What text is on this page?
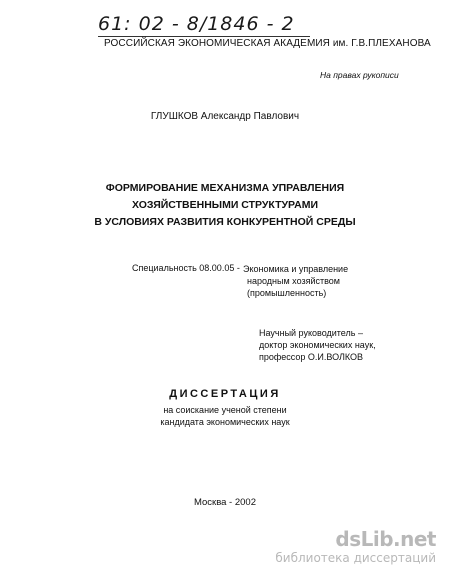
61: 02 - 8/1846 - 2
РОССИЙСКАЯ ЭКОНОМИЧЕСКАЯ АКАДЕМИЯ им. Г.В.ПЛЕХАНОВА
На правах рукописи
ГЛУШКОВ Александр Павлович
ФОРМИРОВАНИЕ МЕХАНИЗМА УПРАВЛЕНИЯ
ХОЗЯЙСТВЕННЫМИ СТРУКТУРАМИ
В УСЛОВИЯХ РАЗВИТИЯ КОНКУРЕНТНОЙ СРЕДЫ
Специальность 08.00.05 - Экономика и управление
народным хозяйством
(промышленность)
Научный руководитель –
доктор экономических наук,
профессор О.И.ВОЛКОВ
ДИССЕРТАЦИЯ
на соискание ученой степени
кандидата экономических наук
Москва - 2002
dsLib.net
библиотека диссертаций
